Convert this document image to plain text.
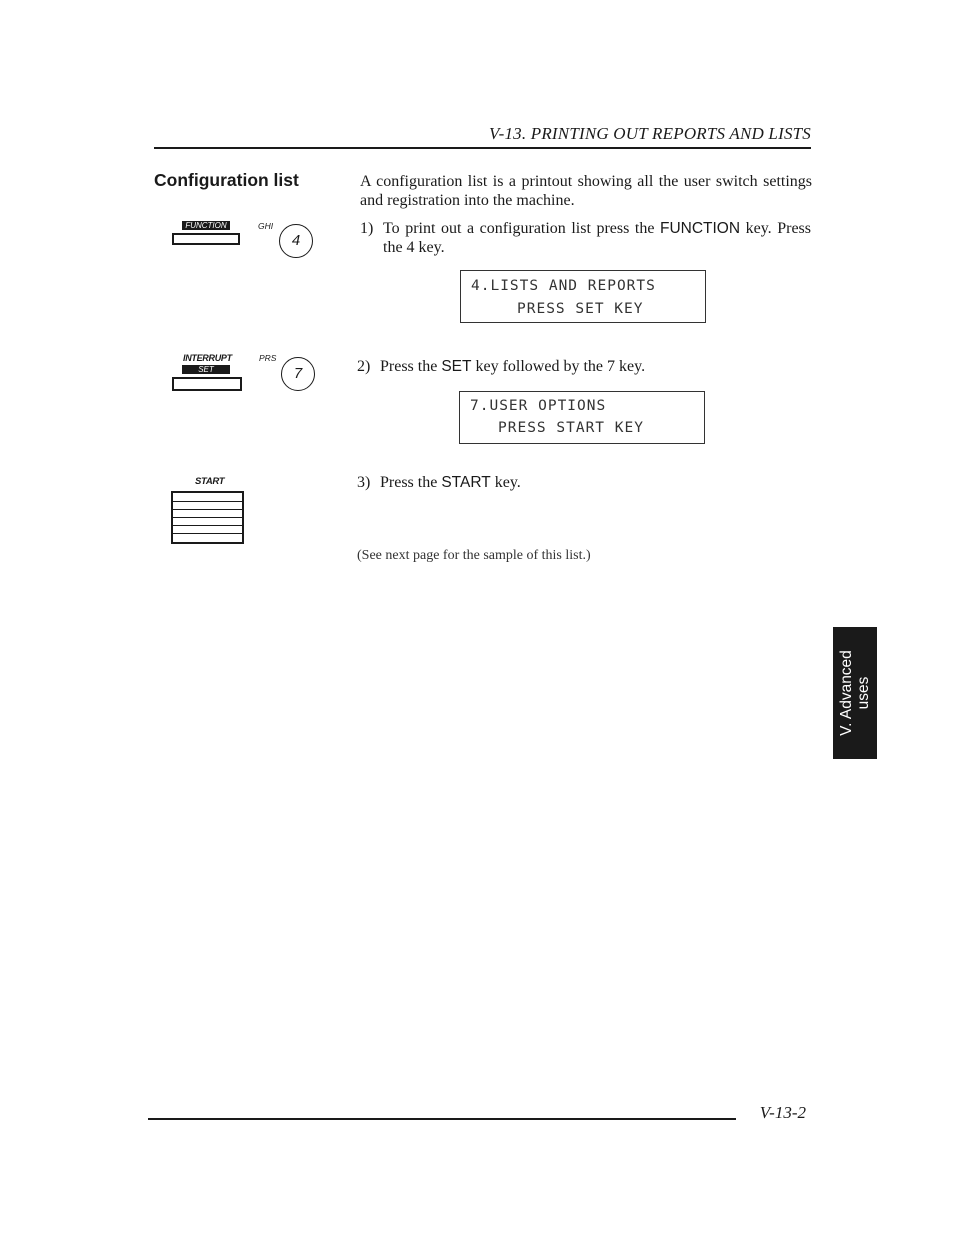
V-13. PRINTING OUT REPORTS AND LISTS
Configuration list	A configuration list is a printout showing all the user switch settings and registration into the machine.
FUNCTION	GHI
4
1) To print out a configuration list press the FUNCTION key. Press the 4 key.
4.LISTS AND REPORTS
PRESS SET KEY
INTERRUPT
SET
PRS
7	2) Press the SET key followed by the 7 key.
7.USER OPTIONS
PRESS START KEY
START	3) Press the START key.
(See next page for the sample of this list.)
V. Advanced uses
V-13-2
